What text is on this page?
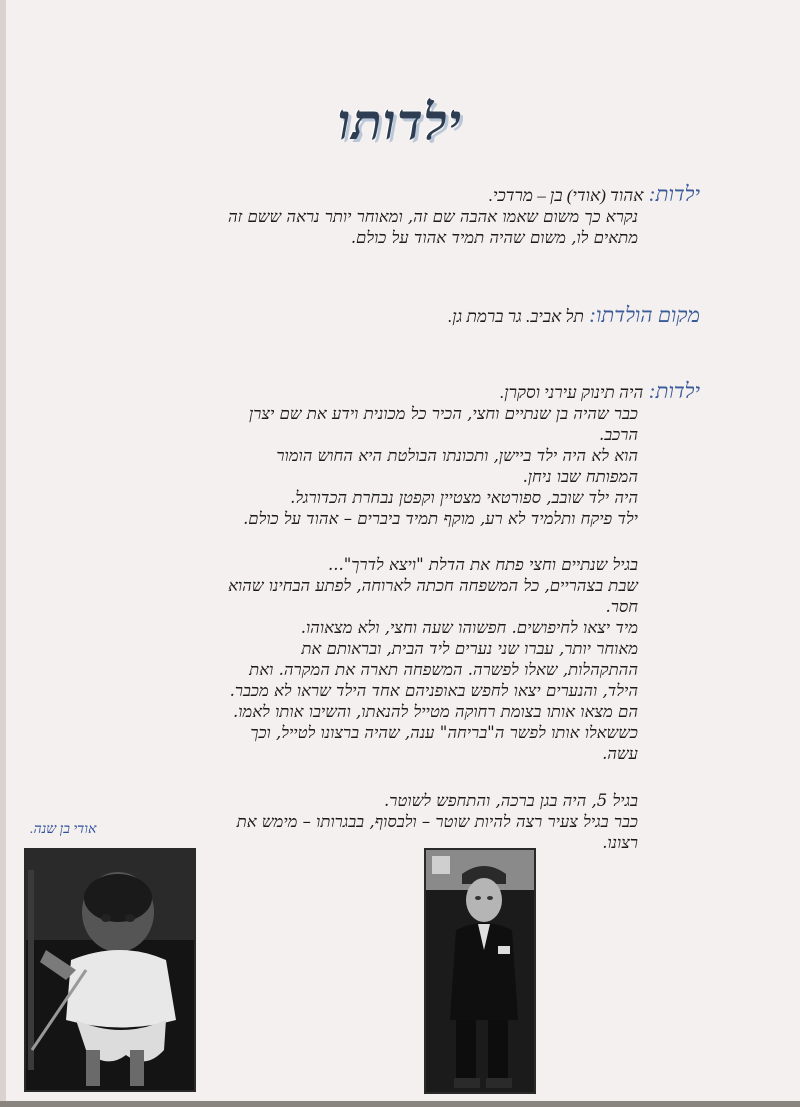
ילדותו
ילדות: אהוד (אודי) בן – מרדכי.
נקרא כך משום שאמו אהבה שם זה, ומאוחר יותר נראה ששם זה
מתאים לו, משום שהיה תמיד אהוד על כולם.
מקום הולדתו: תל אביב. גר ברמת גן.
ילדות: היה תינוק עירני וסקרן.
כבר שהיה בן שנתיים וחצי, הכיר כל מכונית וידע את שם יצרן
הרכב.
הוא לא היה ילד ביישן, ותכונתו הבולטת היא החוש הומור
המפותח שבו ניחן.
היה ילד שובב, ספורטאי מצטיין וקפטן נבחרת הכדורגל.
ילד פיקח ותלמיד לא רע, מוקף תמיד ביברים – אהוד על כולם.
בגיל שנתיים וחצי פתח את הדלת "ויצא לדרך"...
שבת בצהריים, כל המשפחה חכתה לארוחה, לפתע הבחינו שהוא
חסר.
מיד יצאו לחיפושים. חפשוהו שעה וחצי, ולא מצאוהו.
מאוחר יותר, עברו שני נערים ליד הבית, ובראותם את
ההתקהלות, שאלו לפשרה. המשפחה תארה את המקרה. ואת
הילד, והנערים יצאו לחפש באופניהם אחד הילד שראו לא מכבר.
הם מצאו אותו בצומת רחוקה מטייל להנאתו, והשיבו אותו לאמו.
כששאלו אותו לפשר ה"בריחה" ענה, שהיה ברצונו לטייל, וכך
עשה.
בגיל 5, היה בגן ברכה, והתחפש לשוטר.
כבר בגיל צעיר רצה להיות שוטר – ולבסוף, בבגרותו – מימש את
רצונו.
אודי בן שנה.
